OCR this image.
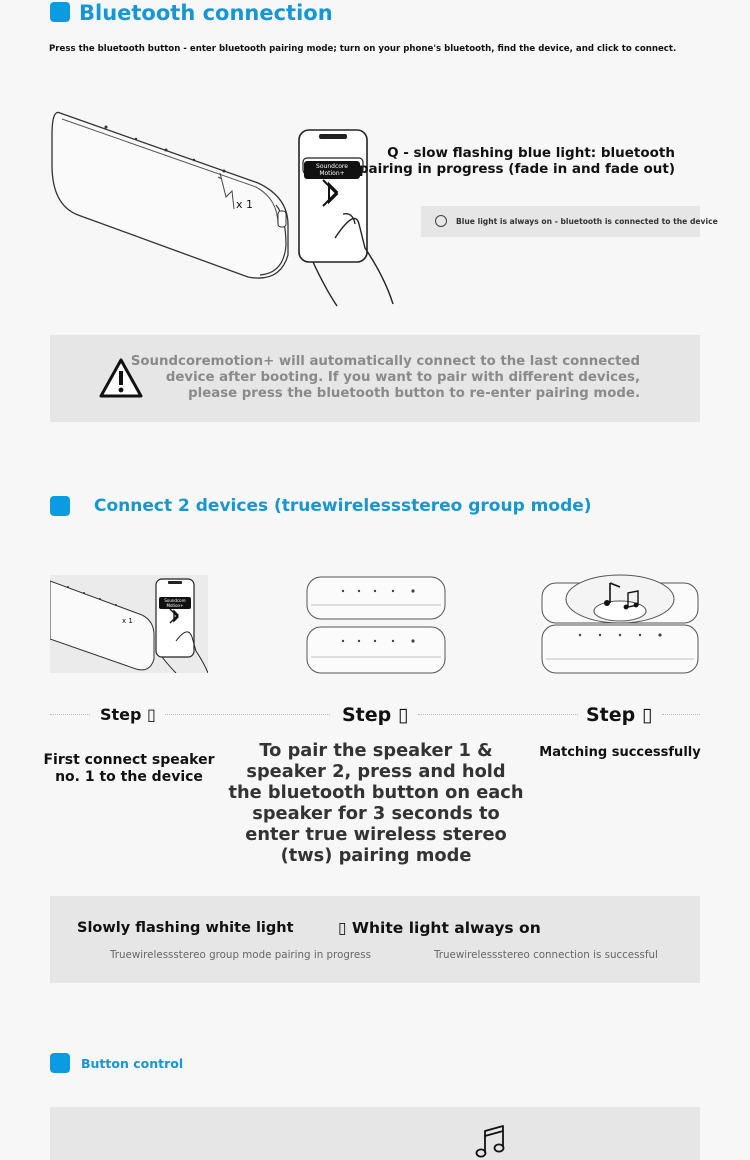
Bluetooth connection
Press the bluetooth button - enter bluetooth pairing mode; turn on your phone's bluetooth, find the device, and click to connect.
x 1
Soundcore Motion+
Q - slow flashing blue light: bluetooth
pairing in progress (fade in and fade out)
Blue light is always on - bluetooth is connected to the device
Soundcoremotion+ will automatically connect to the last connected
device after booting. If you want to pair with different devices,
please press the bluetooth button to re-enter pairing mode.
Connect 2 devices (truewirelessstereo group mode)
Soundcore Motion+
x 1
Step ▯	Step ▯	Step ▯
First connect speaker no. 1 to the device
To pair the speaker 1 & speaker 2, press and hold the bluetooth button on each speaker for 3 seconds to enter true wireless stereo (tws) pairing mode
Matching successfully
Slowly flashing white light
Truewirelessstereo group mode pairing in progress
▯ White light always on
Truewirelessstereo connection is successful
Button control
